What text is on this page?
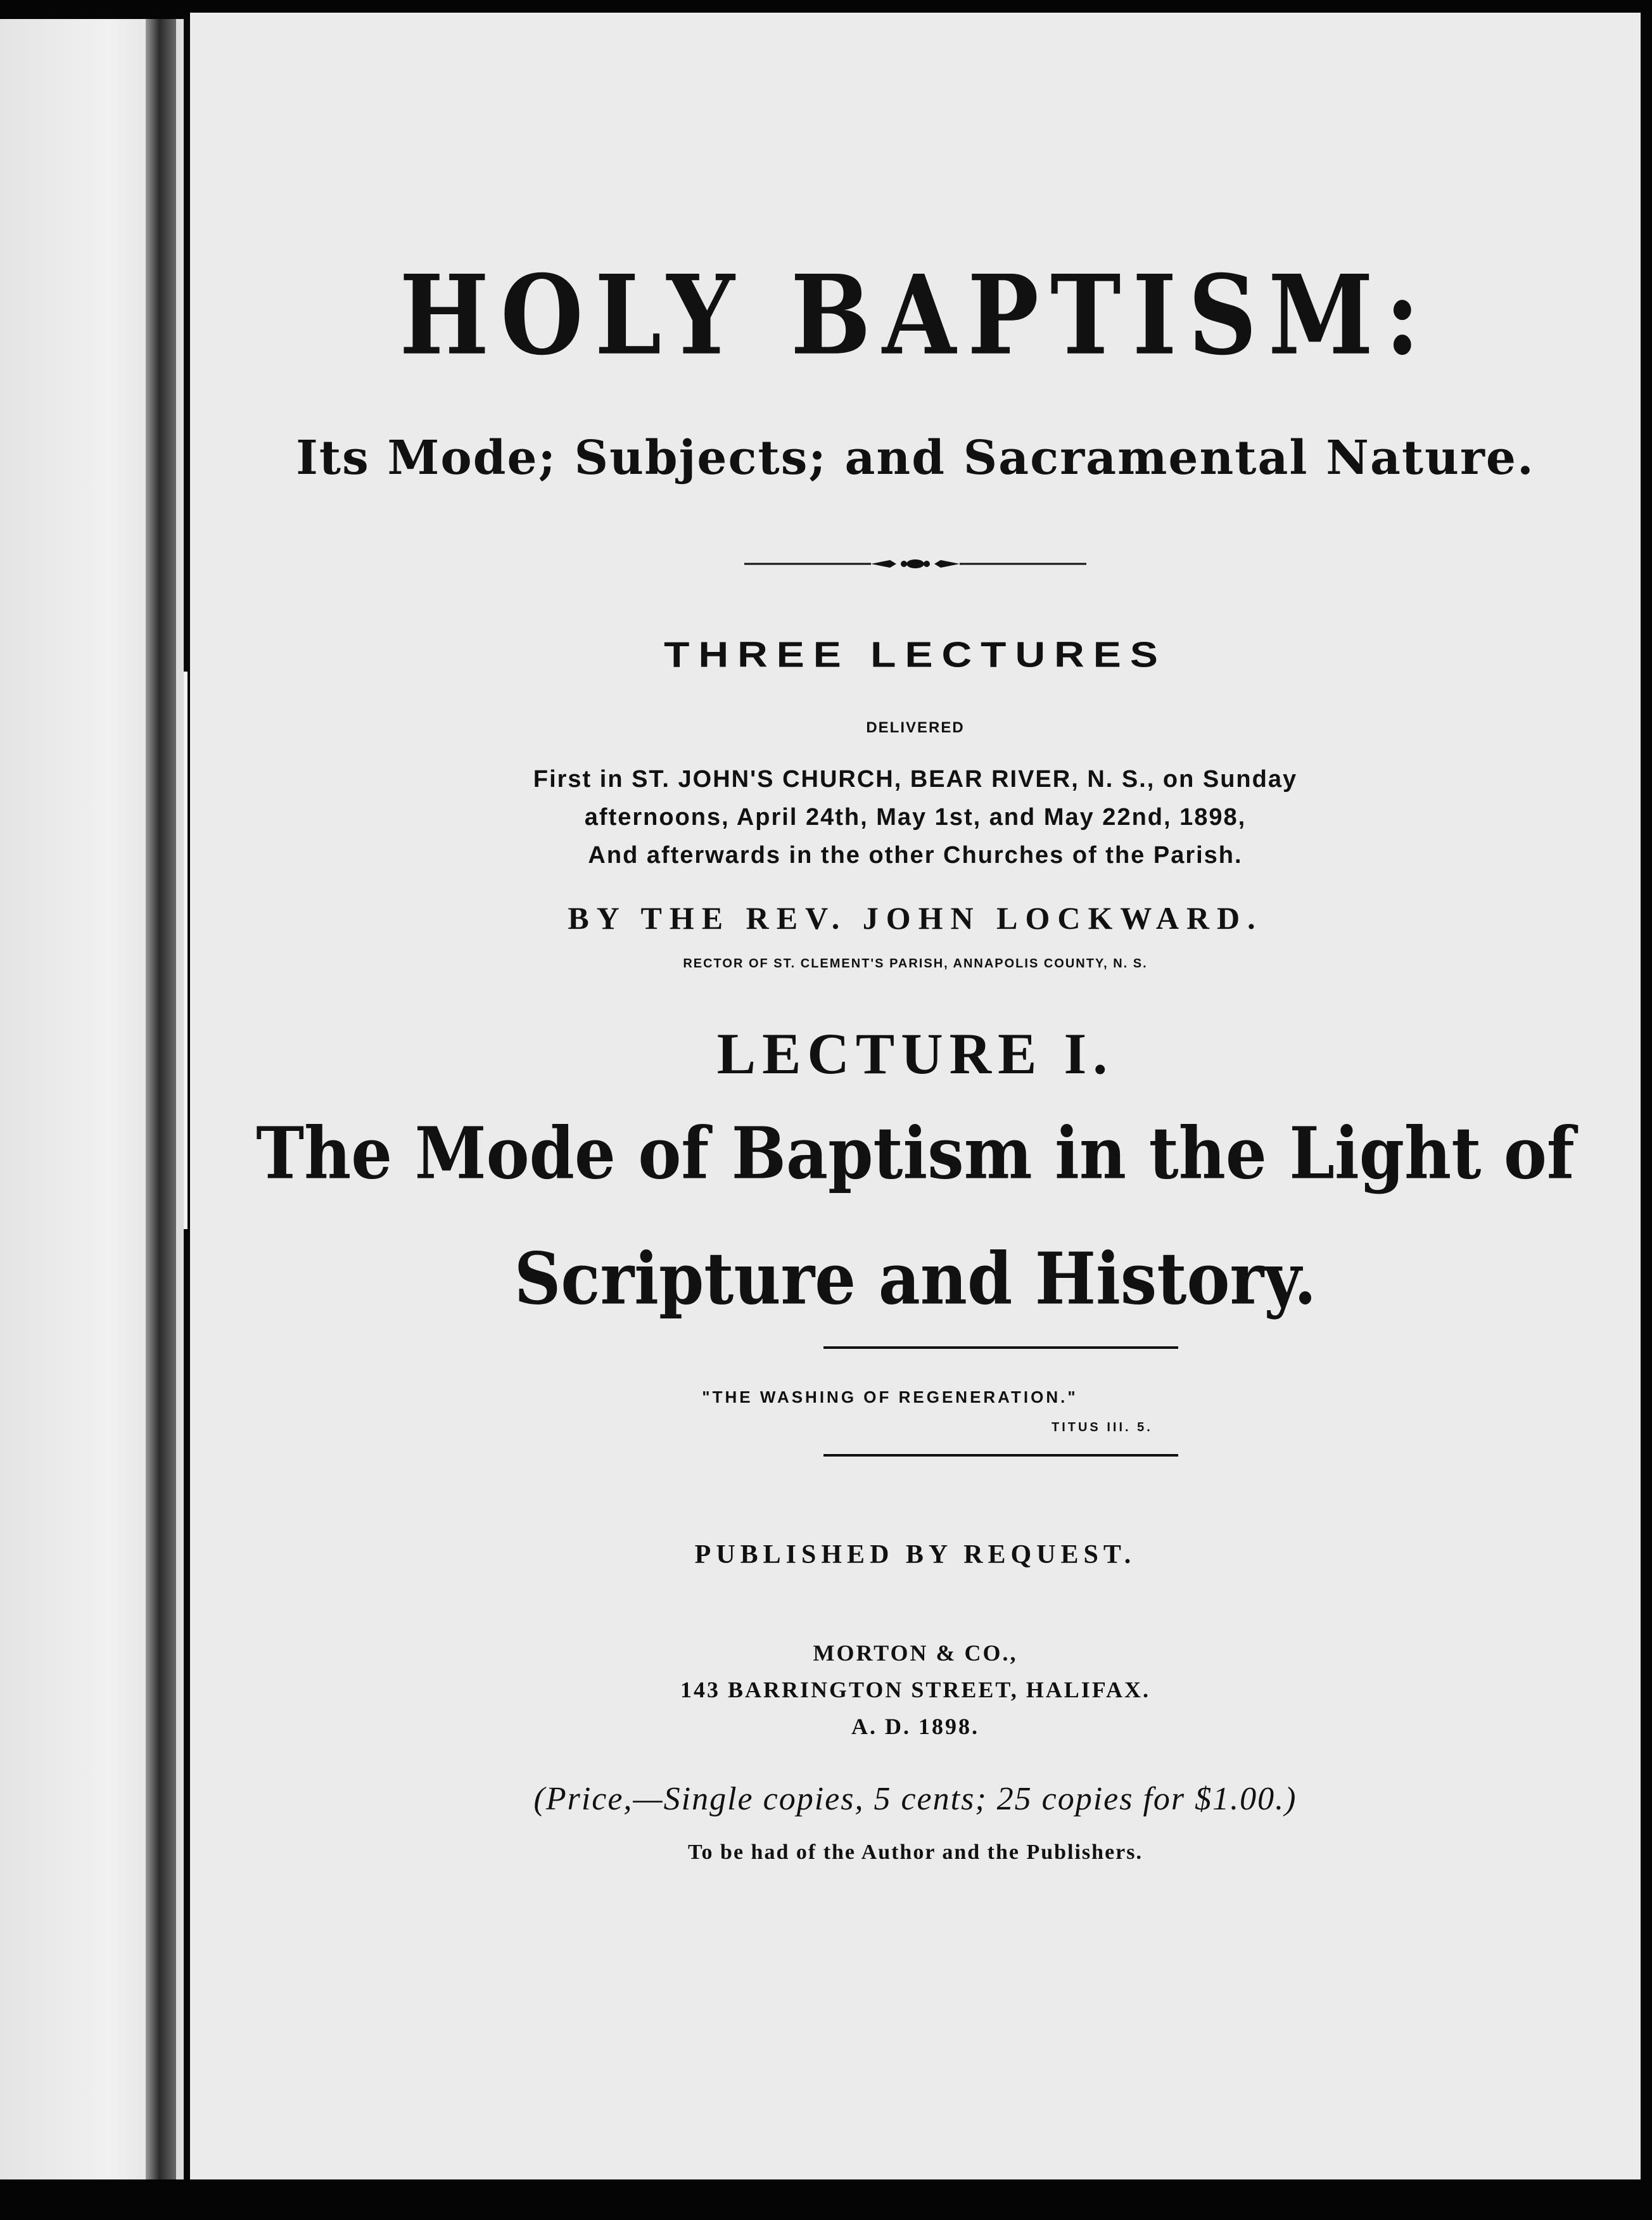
HOLY BAPTISM:

Its Mode; Subjects; and Sacramental Nature.

THREE LECTURES

DELIVERED

First in ST. JOHN'S CHURCH, BEAR RIVER, N. S., on Sunday
afternoons, April 24th, May 1st, and May 22nd, 1898,
And afterwards in the other Churches of the Parish.

BY THE REV. JOHN LOCKWARD.

RECTOR OF ST. CLEMENT'S PARISH, ANNAPOLIS COUNTY, N. S.

LECTURE I.
The Mode of Baptism in the Light of
Scripture and History.

"THE WASHING OF REGENERATION."

TITUS III. 5.

PUBLISHED BY REQUEST.

MORTON & CO.,
143 BARRINGTON STREET, HALIFAX.
A. D. 1898.

(Price,—Single copies, 5 cents; 25 copies for $1.00.)

To be had of the Author and the Publishers.
